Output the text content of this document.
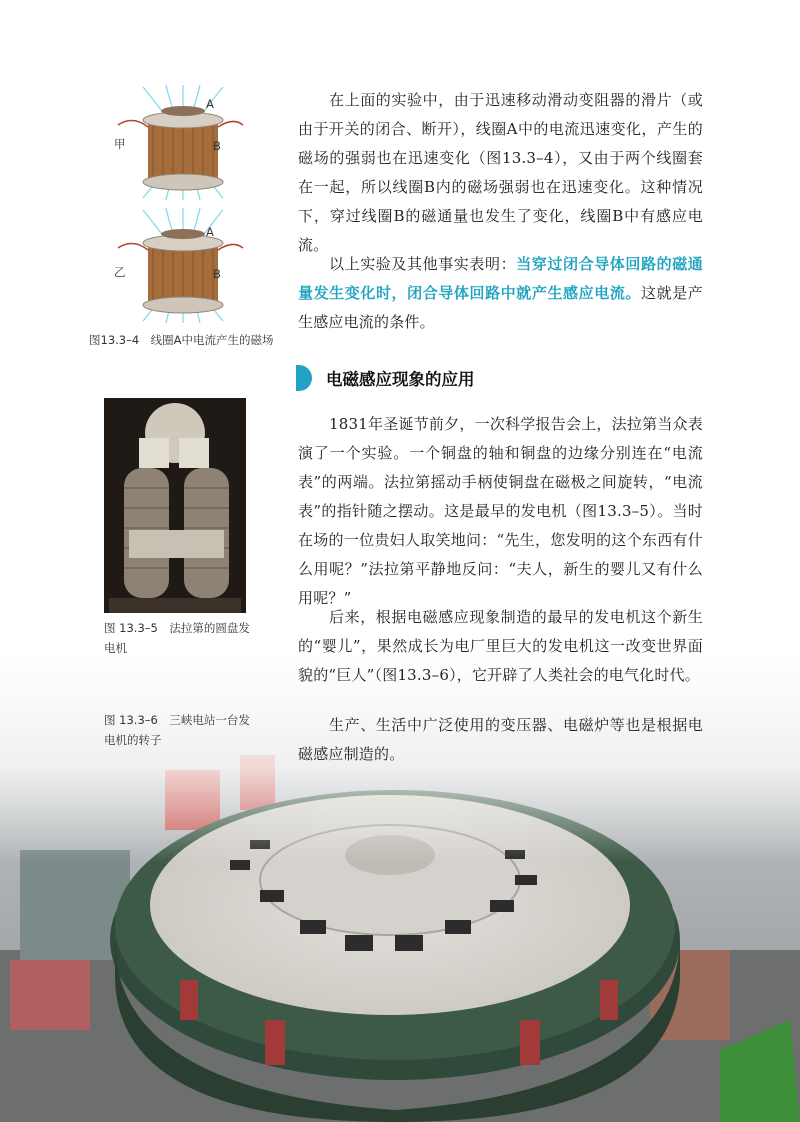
甲
A
B
乙
A
B
图13.3–4　线圈A中电流产生的磁场
图 13.3–5　法拉第的圆盘发
电机
图 13.3–6　三峡电站一台发
电机的转子

在上面的实验中，由于迅速移动滑动变阻器的滑片（或由于开关的闭合、断开），线圈A中的电流迅速变化，产生的磁场的强弱也在迅速变化（图13.3–4），又由于两个线圈套在一起，所以线圈B内的磁场强弱也在迅速变化。这种情况下，穿过线圈B的磁通量也发生了变化，线圈B中有感应电流。

以上实验及其他事实表明：当穿过闭合导体回路的磁通量发生变化时，闭合导体回路中就产生感应电流。这就是产生感应电流的条件。

电磁感应现象的应用

1831年圣诞节前夕，一次科学报告会上，法拉第当众表演了一个实验。一个铜盘的轴和铜盘的边缘分别连在“电流表”的两端。法拉第摇动手柄使铜盘在磁极之间旋转，“电流表”的指针随之摆动。这是最早的发电机（图13.3–5）。当时在场的一位贵妇人取笑地问：“先生，您发明的这个东西有什么用呢？”法拉第平静地反问：“夫人，新生的婴儿又有什么用呢？”

后来，根据电磁感应现象制造的最早的发电机这个新生的“婴儿”，果然成长为电厂里巨大的发电机这一改变世界面貌的“巨人”（图13.3–6），它开辟了人类社会的电气化时代。

生产、生活中广泛使用的变压器、电磁炉等也是根据电磁感应制造的。
